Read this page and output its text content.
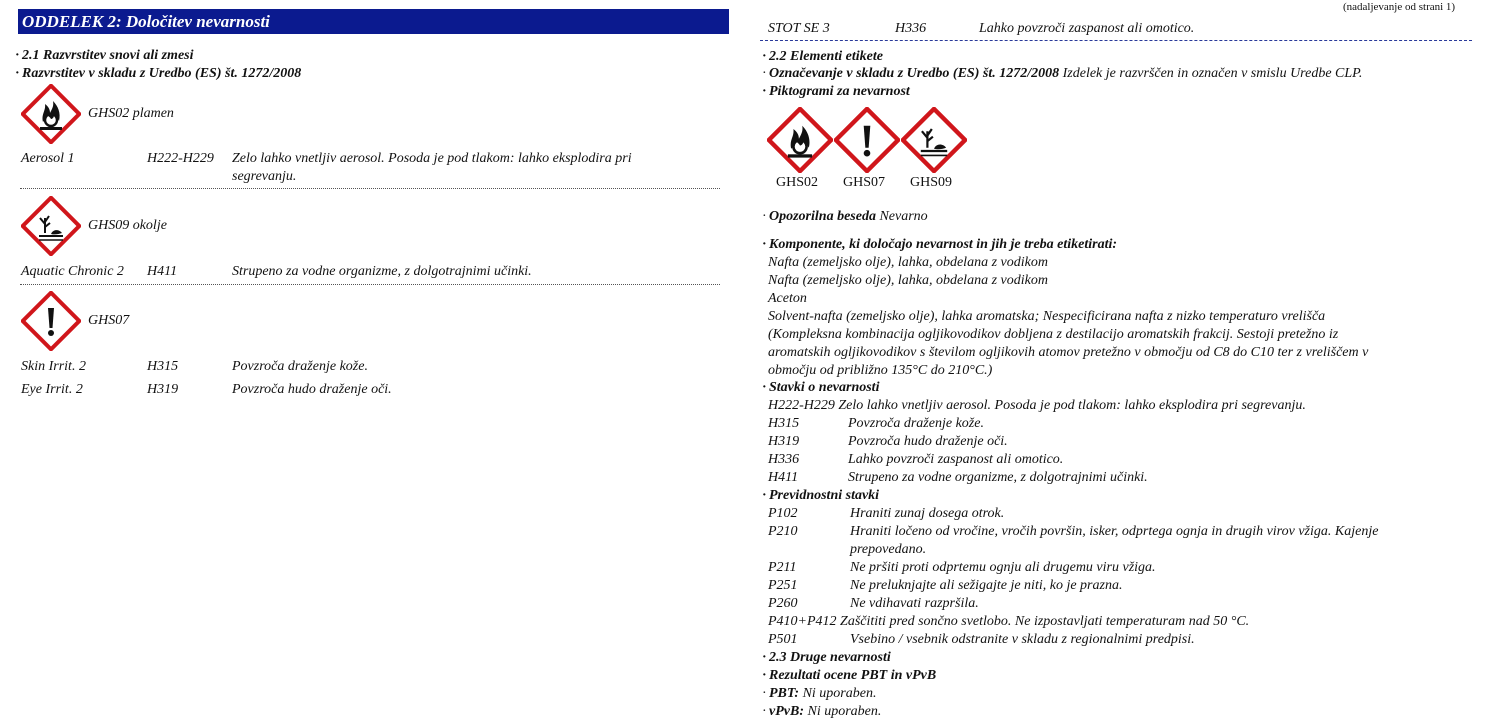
ODDELEK 2: Določitev nevarnosti
· 2.1 Razvrstitev snovi ali zmesi
· Razvrstitev v skladu z Uredbo (ES) št. 1272/2008
GHS02 plamen
Aerosol 1	H222-H229 Zelo lahko vnetljiv aerosol. Posoda je pod tlakom: lahko eksplodira pri
segrevanju.
GHS09 okolje
Aquatic Chronic 2 H411	Strupeno za vodne organizme, z dolgotrajnimi učinki.
GHS07
Skin Irrit. 2	H315	Povzroča draženje kože.
Eye Irrit. 2	H319	Povzroča hudo draženje oči.
(nadaljevanje od strani 1)
STOT SE 3	H336	Lahko povzroči zaspanost ali omotico.
· 2.2 Elementi etikete
· Označevanje v skladu z Uredbo (ES) št. 1272/2008 Izdelek je razvrščen in označen v smislu Uredbe CLP.
· Piktogrami za nevarnost
GHS02 GHS07 GHS09
· Opozorilna beseda Nevarno
· Komponente, ki določajo nevarnost in jih je treba etiketirati:
Nafta (zemeljsko olje), lahka, obdelana z vodikom
Nafta (zemeljsko olje), lahka, obdelana z vodikom
Aceton
Solvent-nafta (zemeljsko olje), lahka aromatska; Nespecificirana nafta z nizko temperaturo vrelišča
(Kompleksna kombinacija ogljikovodikov dobljena z destilacijo aromatskih frakcij. Sestoji pretežno iz
aromatskih ogljikovodikov s številom ogljikovih atomov pretežno v območju od C8 do C10 ter z vreliščem v
območju od približno 135°C do 210°C.)
· Stavki o nevarnosti
H222-H229 Zelo lahko vnetljiv aerosol. Posoda je pod tlakom: lahko eksplodira pri segrevanju.
H315	Povzroča draženje kože.
H319	Povzroča hudo draženje oči.
H336	Lahko povzroči zaspanost ali omotico.
H411	Strupeno za vodne organizme, z dolgotrajnimi učinki.
· Previdnostni stavki
P102	Hraniti zunaj dosega otrok.
P210	Hraniti ločeno od vročine, vročih površin, isker, odprtega ognja in drugih virov vžiga. Kajenje
prepovedano.
P211	Ne pršiti proti odprtemu ognju ali drugemu viru vžiga.
P251	Ne preluknjajte ali sežigajte je niti, ko je prazna.
P260	Ne vdihavati razpršila.
P410+P412 Zaščititi pred sončno svetlobo. Ne izpostavljati temperaturam nad 50 °C.
P501	Vsebino / vsebnik odstranite v skladu z regionalnimi predpisi.
· 2.3 Druge nevarnosti
· Rezultati ocene PBT in vPvB
· PBT: Ni uporaben.
· vPvB: Ni uporaben.
